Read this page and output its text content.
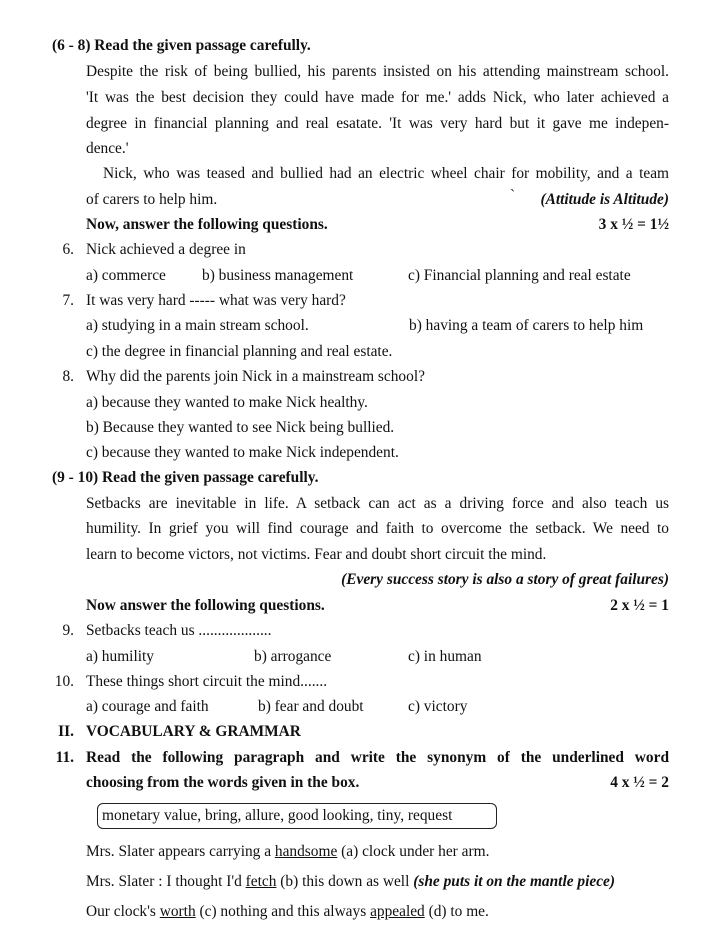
(6 - 8) Read the given passage carefully.
Despite the risk of being bullied, his parents insisted on his attending mainstream school.
'It was the best decision they could have made for me.' adds Nick, who later achieved a
degree in financial planning and real esatate. 'It was very hard but it gave me indepen-
dence.'
Nick, who was teased and bullied had an electric wheel chair for mobility, and a team
of carers to help him.	`	(Attitude is Altitude)
Now, answer the following questions.	3 x ½ = 1½
6. Nick achieved a degree in
a) commerce b) business management	c) Financial planning and real estate
7. It was very hard ----- what was very hard?
a) studying in a main stream school.	b) having a team of carers to help him
c) the degree in financial planning and real estate.
8. Why did the parents join Nick in a mainstream school?
a) because they wanted to make Nick healthy.
b) Because they wanted to see Nick being bullied.
c) because they wanted to make Nick independent.
(9 - 10) Read the given passage carefully.
Setbacks are inevitable in life. A setback can act as a driving force and also teach us
humility. In grief you will find courage and faith to overcome the setback. We need to
learn to become victors, not victims. Fear and doubt short circuit the mind.
(Every success story is also a story of great failures)
Now answer the following questions.	2 x ½ = 1
9. Setbacks teach us ...................
a) humility	b) arrogance	c) in human
10. These things short circuit the mind.......
a) courage and faith	b) fear and doubt	c) victory
II. VOCABULARY & GRAMMAR
11. Read the following paragraph and write the synonym of the underlined word
choosing from the words given in the box.	4 x ½ = 2
monetary value, bring, allure, good looking, tiny, request
Mrs. Slater appears carrying a handsome (a) clock under her arm.
Mrs. Slater : I thought I'd fetch (b) this down as well (she puts it on the mantle piece)
Our clock's worth (c) nothing and this always appealed (d) to me.
